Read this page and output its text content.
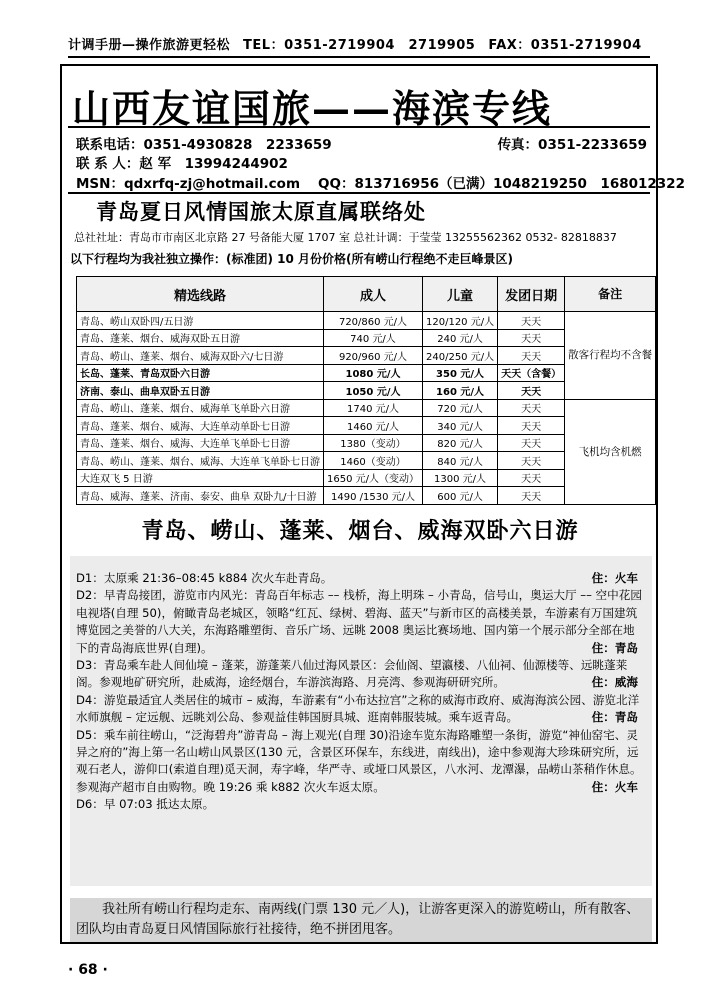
计调手册—操作旅游更轻松 TEL：0351-2719904　2719905 FAX：0351-2719904
山西友谊国旅——海滨专线
联系电话：0351-4930828　2233659	传真：0351-2233659
联 系 人：赵 军　13994244902
MSN：qdxrfq-zj@hotmail.com QQ：813716956（已满）1048219250　168012322
青岛夏日风情国旅太原直属联络处
总社社址：青岛市市南区北京路 27 号备能大厦 1707 室 总社计调：于莹莹 13255562362 0532- 82818837
以下行程均为我社独立操作：(标准团) 10 月份价格(所有崂山行程绝不走巨峰景区)
精选线路	成人	儿童	发团日期	备注
青岛、崂山双卧四/五日游	720/860 元/人	120/120 元/人	天天	散客行程均不含餐
青岛、蓬莱、烟台、威海双卧五日游	740 元/人	240 元/人	天天	
青岛、崂山、蓬莱、烟台、威海双卧六/七日游	920/960 元/人	240/250 元/人	天天	
长岛、蓬莱、青岛双卧六日游	1080 元/人	350 元/人	天天（含餐）	
济南、泰山、曲阜双卧五日游	1050 元/人	160 元/人	天天	
青岛、崂山、蓬莱、烟台、威海单飞单卧六日游	1740 元/人	720 元/人	天天	飞机均含机燃
青岛、蓬莱、烟台、威海、大连单动单卧七日游	1460 元/人	340 元/人	天天	
青岛、蓬莱、烟台、威海、大连单飞单卧七日游	1380（变动）	820 元/人	天天	
青岛、崂山、蓬莱、烟台、威海、大连单飞单卧七日游	1460（变动）	840 元/人	天天	
大连双飞 5 日游	1650 元/人（变动）	1300 元/人	天天	
青岛、威海、蓬莱、济南、泰安、曲阜 双卧九/十日游	1490 /1530 元/人	600 元/人	天天	
青岛、崂山、蓬莱、烟台、威海双卧六日游
D1：太原乘 21:36–08:45 k884 次火车赴青岛。	住：火车
D2：早青岛接团，游览市内风光：青岛百年标志 –– 栈桥，海上明珠 – 小青岛，信号山，奥运大厅 –– 空中花园电视塔(自理 50)，俯瞰青岛老城区，领略“红瓦、绿树、碧海、蓝天”与新市区的高楼美景，车游素有万国建筑博览园之美誉的八大关，东海路雕塑街、音乐广场、远眺 2008 奥运比赛场地、国内第一个展示部分全部在地下的青岛海底世界(自理)。	住：青岛
D3：青岛乘车赴人间仙境 – 蓬莱，游蓬莱八仙过海风景区：会仙阁、望瀛楼、八仙祠、仙源楼等、远眺蓬莱阁。参观地矿研究所，赴威海，途经烟台，车游滨海路、月亮湾、参观海研研究所。	住：威海
D4：游览最适宜人类居住的城市 – 威海，车游素有“小布达拉宫”之称的威海市政府、威海海滨公园、游览北洋水师旗舰 – 定远舰、远眺刘公岛、参观益佳韩国厨具城、逛南韩服装城。乘车返青岛。	住：青岛
D5：乘车前往崂山，“泛海碧舟”游青岛 – 海上观光(自理 30)沿途车览东海路雕塑一条街，游览“神仙窑宅、灵异之府的”海上第一名山崂山风景区(130 元，含景区环保车，东线进，南线出)，途中参观海大珍珠研究所，远观石老人，游仰口(索道自理)觅天洞，寿字峰，华严寺、或垭口风景区，八水河、龙潭瀑，品崂山茶稍作休息。参观海产超市自由购物。晚 19:26 乘 k882 次火车返太原。	住：火车
D6：早 07:03 抵达太原。
　　我社所有崂山行程均走东、南两线(门票 130 元／人)，让游客更深入的游览崂山，所有散客、团队均由青岛夏日风情国际旅行社接待，绝不拼团甩客。
· 68 ·
